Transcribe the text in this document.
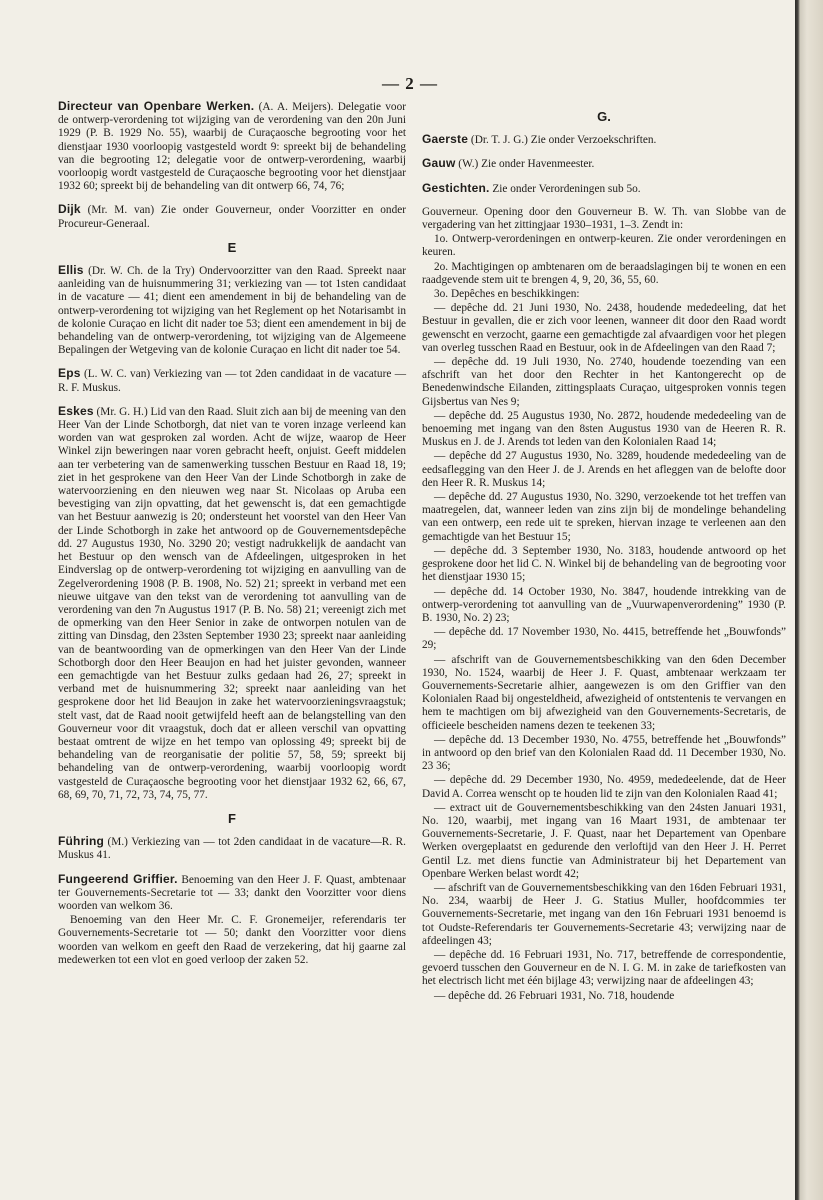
— 2 —

Directeur van Openbare Werken. (A. A. Meijers). Delegatie voor de ontwerp-verordening tot wijziging van de verordening van den 20n Juni 1929 (P. B. 1929 No. 55), waarbij de Curaçaosche begrooting voor het dienstjaar 1930 voorloopig vastgesteld wordt 9: spreekt bij de behandeling van die begrooting 12; delegatie voor de ontwerp-verordening, waarbij voorloopig wordt vastgesteld de Curaçaosche begrooting voor het dienstjaar 1932 60; spreekt bij de behandeling van dit ontwerp 66, 74, 76;

Dijk (Mr. M. van) Zie onder Gouverneur, onder Voorzitter en onder Procureur-Generaal.

E

Ellis (Dr. W. Ch. de la Try) Ondervoorzitter van den Raad. Spreekt naar aanleiding van de huisnummering 31; verkiezing van — tot 1sten candidaat in de vacature — 41; dient een amendement in bij de behandeling van de ontwerp-verordening tot wijziging van het Reglement op het Notarisambt in de kolonie Curaçao en licht dit nader toe 53; dient een amendement in bij de behandeling van de ontwerp-verordening, tot wijziging van de Algemeene Bepalingen der Wetgeving van de kolonie Curaçao en licht dit nader toe 54.

Eps (L. W. C. van) Verkiezing van — tot 2den candidaat in de vacature — R. F. Muskus.

Eskes (Mr. G. H.) Lid van den Raad. Sluit zich aan bij de meening van den Heer Van der Linde Schotborgh, dat niet van te voren inzage verleend kan worden van wat gesproken zal worden. Acht de wijze, waarop de Heer Winkel zijn beweringen naar voren gebracht heeft, onjuist. Geeft middelen aan ter verbetering van de samenwerking tusschen Bestuur en Raad 18, 19; ziet in het gesprokene van den Heer Van der Linde Schotborgh in zake de watervoorziening en den nieuwen weg naar St. Nicolaas op Aruba een bevestiging van zijn opvatting, dat het gewenscht is, dat een gemachtigde van het Bestuur aanwezig is 20; ondersteunt het voorstel van den Heer Van der Linde Schotborgh in zake het antwoord op de Gouvernementsdepêche dd. 27 Augustus 1930, No. 3290 20; vestigt nadrukkelijk de aandacht van het Bestuur op den wensch van de Afdeelingen, uitgesproken in het Eindverslag op de ontwerp-verordening tot wijziging en aanvulling van de Zegelverordening 1908 (P. B. 1908, No. 52) 21; spreekt in verband met een nieuwe uitgave van den tekst van de verordening tot aanvulling van de verordening van den 7n Augustus 1917 (P. B. No. 58) 21; vereenigt zich met de opmerking van den Heer Senior in zake de ontworpen notulen van de zitting van Dinsdag, den 23sten September 1930 23; spreekt naar aanleiding van de beantwoording van de opmerkingen van den Heer Van der Linde Schotborgh door den Heer Beaujon en had het juister gevonden, wanneer een gemachtigde van het Bestuur zulks gedaan had 26, 27; spreekt in verband met de huisnummering 32; spreekt naar aanleiding van het gesprokene door het lid Beaujon in zake het watervoorzieningsvraagstuk; stelt vast, dat de Raad nooit getwijfeld heeft aan de belangstelling van den Gouverneur voor dit vraagstuk, doch dat er alleen verschil van opvatting bestaat omtrent de wijze en het tempo van oplossing 49; spreekt bij de behandeling van de reorganisatie der politie 57, 58, 59; spreekt bij behandeling van de ontwerp-verordening, waarbij voorloopig wordt vastgesteld de Curaçaosche begrooting voor het dienstjaar 1932 62, 66, 67, 68, 69, 70, 71, 72, 73, 74, 75, 77.

F

Führing (M.) Verkiezing van — tot 2den candidaat in de vacature—R. R. Muskus 41.

Fungeerend Griffier. Benoeming van den Heer J. F. Quast, ambtenaar ter Gouvernements-Secretarie tot — 33; dankt den Voorzitter voor diens woorden van welkom 36.

Benoeming van den Heer Mr. C. F. Gronemeijer, referendaris ter Gouvernements-Secretarie tot — 50; dankt den Voorzitter voor diens woorden van welkom en geeft den Raad de verzekering, dat hij gaarne zal medewerken tot een vlot en goed verloop der zaken 52.

G.

Gaerste (Dr. T. J. G.) Zie onder Verzoekschriften.

Gauw (W.) Zie onder Havenmeester.

Gestichten. Zie onder Verordeningen sub 5o.

Gouverneur. Opening door den Gouverneur B. W. Th. van Slobbe van de vergadering van het zittingjaar 1930–1931, 1–3. Zendt in:

1o. Ontwerp-verordeningen en ontwerp-keuren. Zie onder verordeningen en keuren.

2o. Machtigingen op ambtenaren om de beraadslagingen bij te wonen en een raadgevende stem uit te brengen 4, 9, 20, 36, 55, 60.

3o. Depêches en beschikkingen:

— depêche dd. 21 Juni 1930, No. 2438, houdende mededeeling, dat het Bestuur in gevallen, die er zich voor leenen, wanneer dit door den Raad wordt gewenscht en verzocht, gaarne een gemachtigde zal afvaardigen voor het plegen van overleg tusschen Raad en Bestuur, ook in de Afdeelingen van den Raad 7;

— depêche dd. 19 Juli 1930, No. 2740, houdende toezending van een afschrift van het door den Rechter in het Kantongerecht op de Benedenwindsche Eilanden, zittingsplaats Curaçao, uitgesproken vonnis tegen Gijsbertus van Nes 9;

— depêche dd. 25 Augustus 1930, No. 2872, houdende mededeeling van de benoeming met ingang van den 8sten Augustus 1930 van de Heeren R. R. Muskus en J. de J. Arends tot leden van den Kolonialen Raad 14;

— depêche dd 27 Augustus 1930, No. 3289, houdende mededeeling van de eedsaflegging van den Heer J. de J. Arends en het afleggen van de belofte door den Heer R. R. Muskus 14;

— depêche dd. 27 Augustus 1930, No. 3290, verzoekende tot het treffen van maatregelen, dat, wanneer leden van zins zijn bij de mondelinge behandeling van een ontwerp, een rede uit te spreken, hiervan inzage te verleenen aan den gemachtigde van het Bestuur 15;

— depêche dd. 3 September 1930, No. 3183, houdende antwoord op het gesprokene door het lid C. N. Winkel bij de behandeling van de begrooting voor het dienstjaar 1930 15;

— depêche dd. 14 October 1930, No. 3847, houdende intrekking van de ontwerp-verordening tot aanvulling van de „Vuurwapenverordening” 1930 (P. B. 1930, No. 2) 23;

— depêche dd. 17 November 1930, No. 4415, betreffende het „Bouwfonds” 29;

— afschrift van de Gouvernementsbeschikking van den 6den December 1930, No. 1524, waarbij de Heer J. F. Quast, ambtenaar werkzaam ter Gouvernements-Secretarie alhier, aangewezen is om den Griffier van den Kolonialen Raad bij ongesteldheid, afwezigheid of ontstentenis te vervangen en hem te machtigen om bij afwezigheid van den Gouvernements-Secretaris, de officieele bescheiden namens dezen te teekenen 33;

— depêche dd. 13 December 1930, No. 4755, betreffende het „Bouwfonds” in antwoord op den brief van den Kolonialen Raad dd. 11 December 1930, No. 23 36;

— depêche dd. 29 December 1930, No. 4959, mededeelende, dat de Heer David A. Correa wenscht op te houden lid te zijn van den Kolonialen Raad 41;

— extract uit de Gouvernementsbeschikking van den 24sten Januari 1931, No. 120, waarbij, met ingang van 16 Maart 1931, de ambtenaar ter Gouvernements-Secretarie, J. F. Quast, naar het Departement van Openbare Werken overgeplaatst en gedurende den verloftijd van den Heer J. H. Perret Gentil Lz. met diens functie van Administrateur bij het Departement van Openbare Werken belast wordt 42;

— afschrift van de Gouvernementsbeschikking van den 16den Februari 1931, No. 234, waarbij de Heer J. G. Statius Muller, hoofdcommies ter Gouvernements-Secretarie, met ingang van den 16n Februari 1931 benoemd is tot Oudste-Referendaris ter Gouvernements-Secretarie 43; verwijzing naar de afdeelingen 43;

— depêche dd. 16 Februari 1931, No. 717, betreffende de correspondentie, gevoerd tusschen den Gouverneur en de N. I. G. M. in zake de tariefkosten van het electrisch licht met één bijlage 43; verwijzing naar de afdeelingen 43;

— depêche dd. 26 Februari 1931, No. 718, houdende
